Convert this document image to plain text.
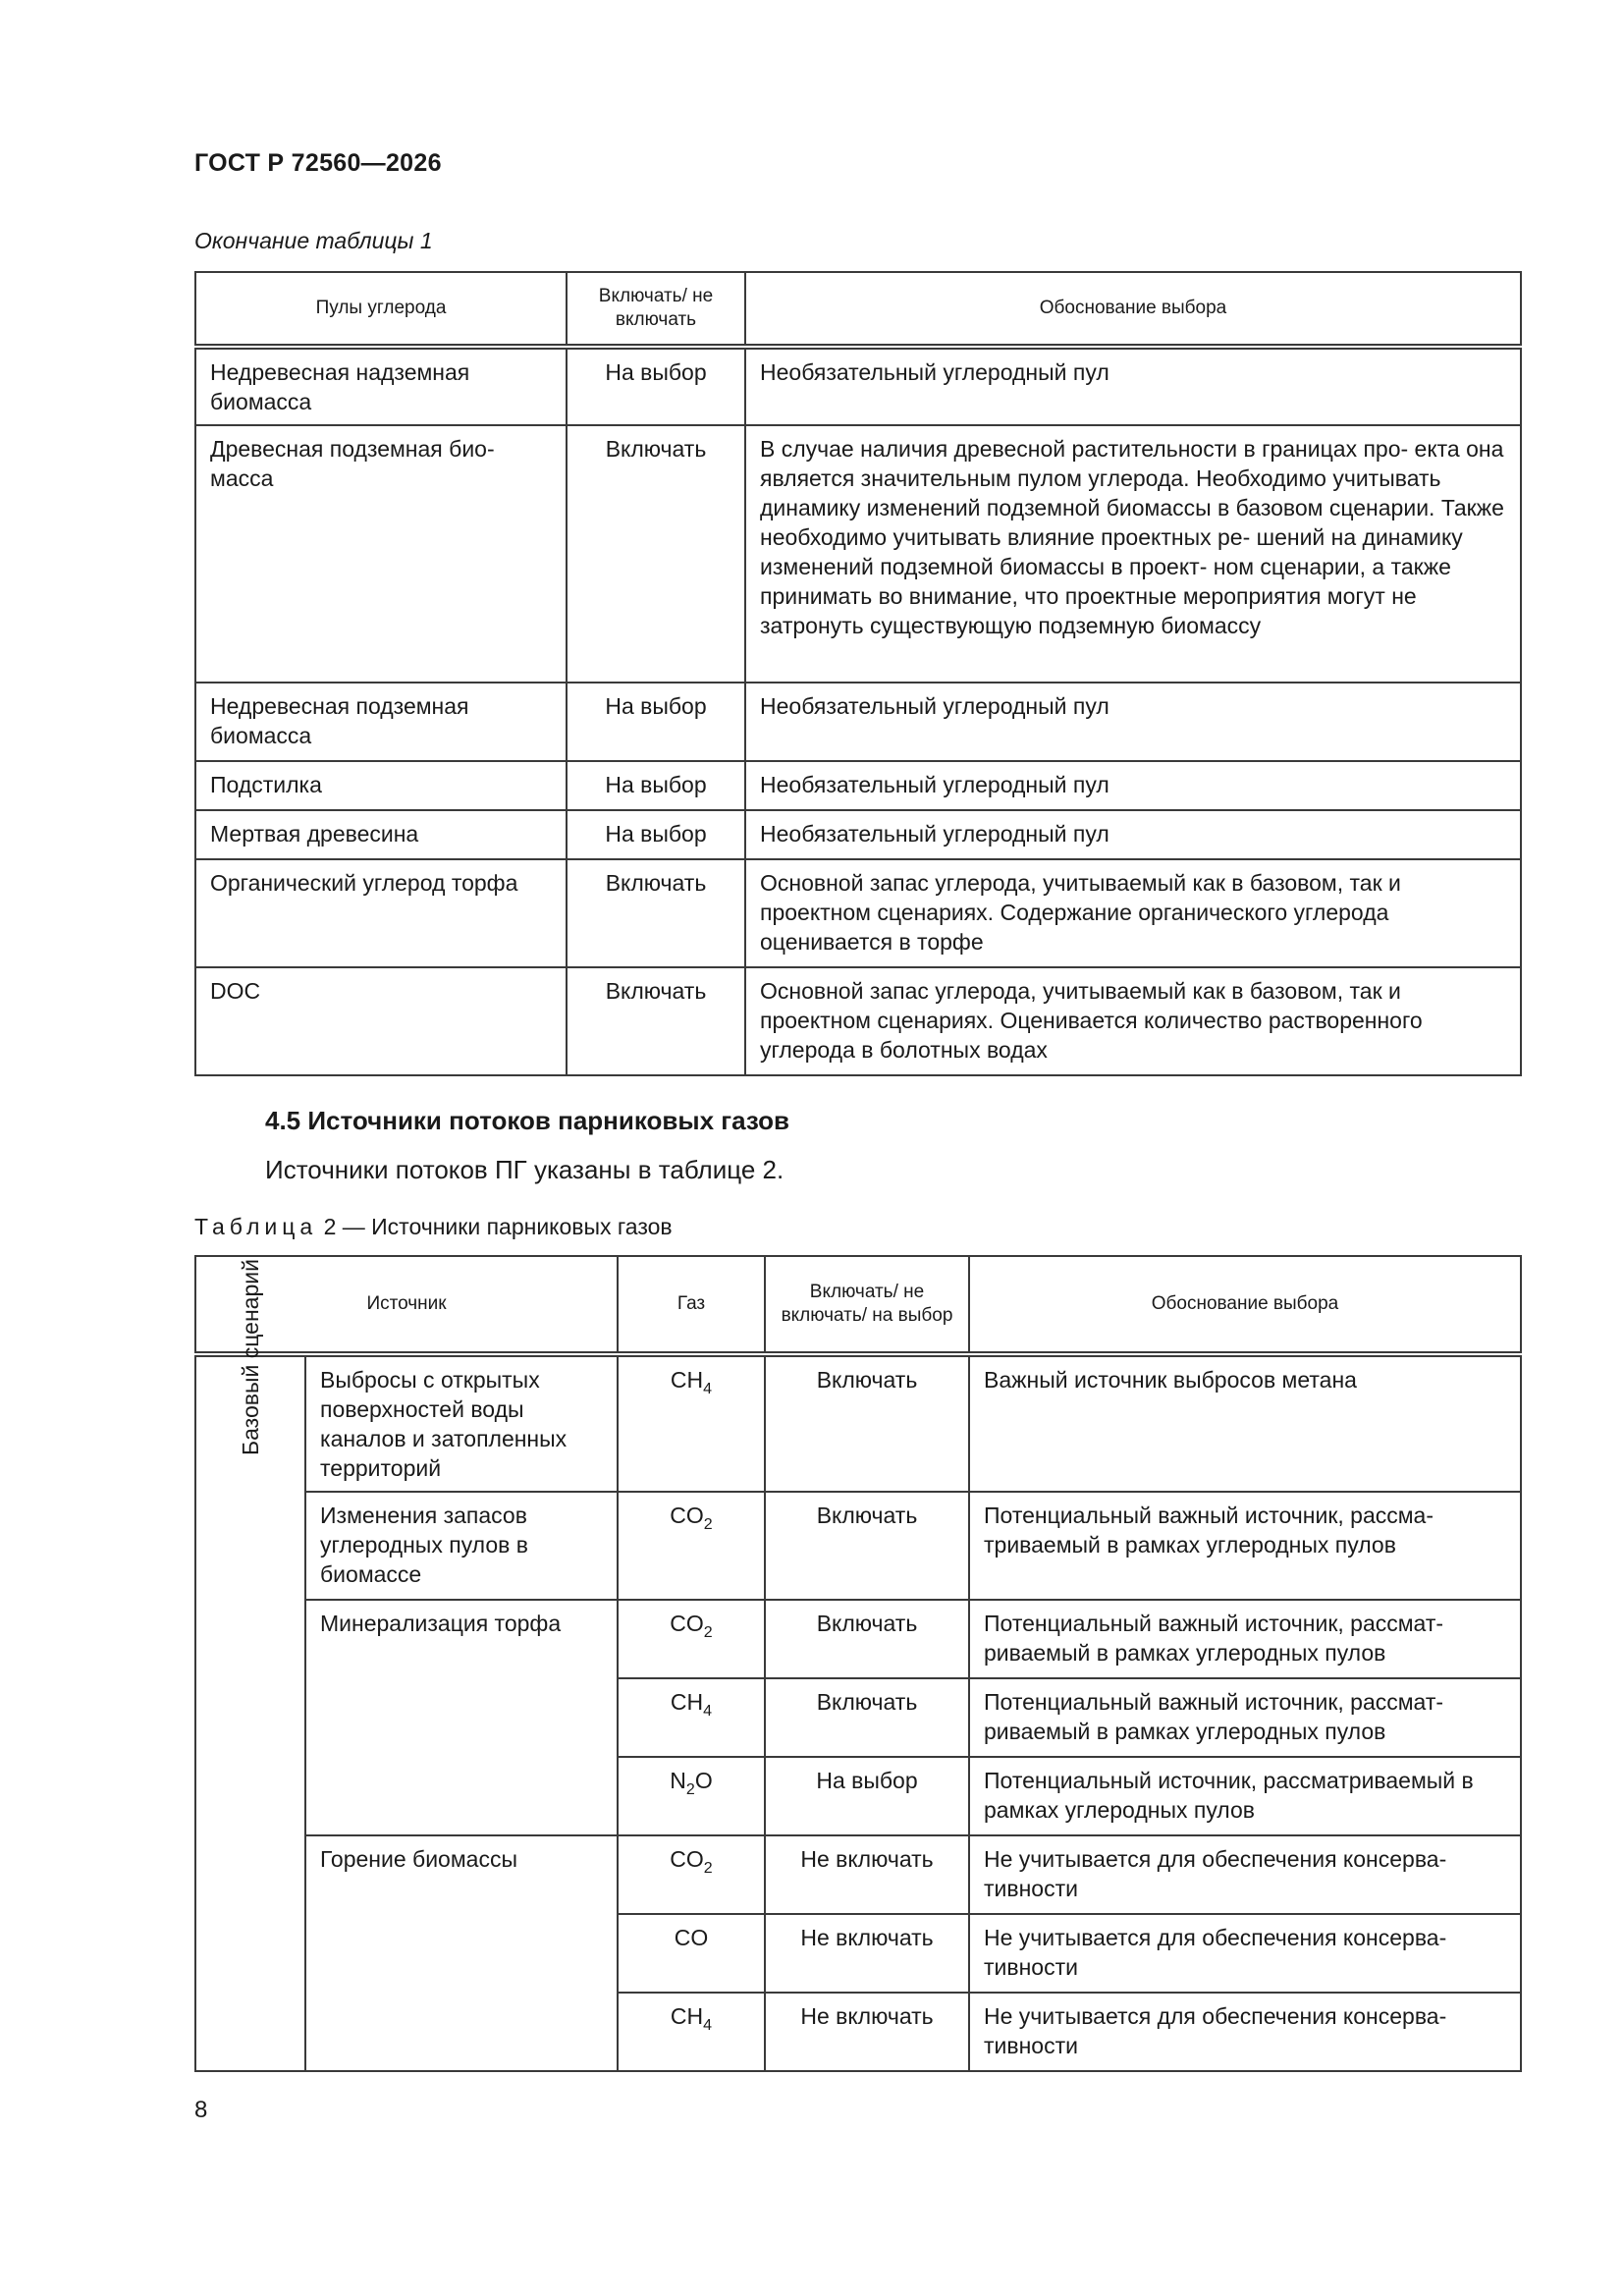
ГОСТ Р 72560—2026
Окончание таблицы 1
Пулы углерода	Включать/ не включать	Обоснование выбора
Недревесная надземная биомасса	На выбор	Необязательный углеродный пул
Древесная подземная био- масса	Включать	В случае наличия древесной растительности в границах про- екта она является значительным пулом углерода. Необходимо учитывать динамику изменений подземной биомассы в базовом сценарии. Также необходимо учитывать влияние проектных ре- шений на динамику изменений подземной биомассы в проект- ном сценарии, а также принимать во внимание, что проектные мероприятия могут не затронуть существующую подземную биомассу
Недревесная подземная биомасса	На выбор	Необязательный углеродный пул
Подстилка	На выбор	Необязательный углеродный пул
Мертвая древесина	На выбор	Необязательный углеродный пул
Органический углерод торфа	Включать	Основной запас углерода, учитываемый как в базовом, так и проектном сценариях. Содержание органического углерода оценивается в торфе
DOC	Включать	Основной запас углерода, учитываемый как в базовом, так и проектном сценариях. Оценивается количество растворенного углерода в болотных водах
4.5 Источники потоков парниковых газов
Источники потоков ПГ указаны в таблице 2.
Таблица 2 — Источники парниковых газов
Источник		Газ	Включать/ не включать/ на выбор	Обоснование выбора

Базовый сценарий	Выбросы с открытых поверхностей воды каналов и затопленных территорий	$CH_4$	Включать	Важный источник выбросов метана
	Изменения запасов углеродных пулов в биомассе	$CO_2$	Включать	Потенциальный важный источник, рассма- триваемый в рамках углеродных пулов
	Минерализация торфа	$CO_2$	Включать	Потенциальный важный источник, рассмат- риваемый в рамках углеродных пулов
		$CH_4$	Включать	Потенциальный важный источник, рассмат- риваемый в рамках углеродных пулов
		$N_2O$	На выбор	Потенциальный источник, рассматриваемый в рамках углеродных пулов
	Горение биомассы	$CO_2$	Не включать	Не учитывается для обеспечения консерва- тивности
		CO	Не включать	Не учитывается для обеспечения консерва- тивности
		$CH_4$	Не включать	Не учитывается для обеспечения консерва- тивности
8
